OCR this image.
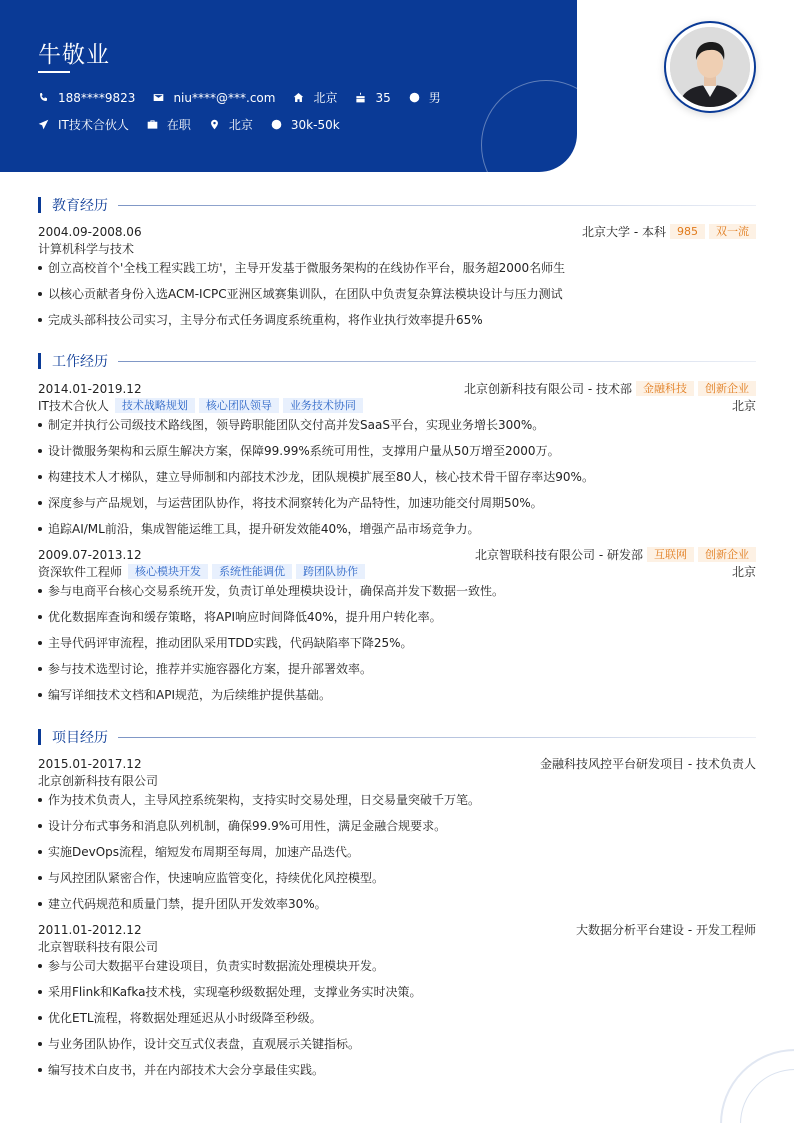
牛敬业
188****9823	niu****@***.com	北京	35	男
IT技术合伙人	在职	北京	30k-50k
教育经历
2004.09-2008.06	北京大学 - 本科	985	双一流
计算机科学与技术
创立高校首个'全栈工程实践工坊'，主导开发基于微服务架构的在线协作平台，服务超2000名师生
以核心贡献者身份入选ACM-ICPC亚洲区域赛集训队，在团队中负责复杂算法模块设计与压力测试
完成头部科技公司实习，主导分布式任务调度系统重构，将作业执行效率提升65%
工作经历
2014.01-2019.12	北京创新科技有限公司 - 技术部	金融科技	创新企业
IT技术合伙人	技术战略规划	核心团队领导	业务技术协同	北京
制定并执行公司级技术路线图，领导跨职能团队交付高并发SaaS平台，实现业务增长300%。
设计微服务架构和云原生解决方案，保障99.99%系统可用性，支撑用户量从50万增至2000万。
构建技术人才梯队，建立导师制和内部技术沙龙，团队规模扩展至80人，核心技术骨干留存率达90%。
深度参与产品规划，与运营团队协作，将技术洞察转化为产品特性，加速功能交付周期50%。
追踪AI/ML前沿，集成智能运维工具，提升研发效能40%，增强产品市场竞争力。
2009.07-2013.12	北京智联科技有限公司 - 研发部	互联网	创新企业
资深软件工程师	核心模块开发	系统性能调优	跨团队协作	北京
参与电商平台核心交易系统开发，负责订单处理模块设计，确保高并发下数据一致性。
优化数据库查询和缓存策略，将API响应时间降低40%，提升用户转化率。
主导代码评审流程，推动团队采用TDD实践，代码缺陷率下降25%。
参与技术选型讨论，推荐并实施容器化方案，提升部署效率。
编写详细技术文档和API规范，为后续维护提供基础。
项目经历
2015.01-2017.12	金融科技风控平台研发项目 - 技术负责人
北京创新科技有限公司
作为技术负责人，主导风控系统架构，支持实时交易处理，日交易量突破千万笔。
设计分布式事务和消息队列机制，确保99.9%可用性，满足金融合规要求。
实施DevOps流程，缩短发布周期至每周，加速产品迭代。
与风控团队紧密合作，快速响应监管变化，持续优化风控模型。
建立代码规范和质量门禁，提升团队开发效率30%。
2011.01-2012.12	大数据分析平台建设 - 开发工程师
北京智联科技有限公司
参与公司大数据平台建设项目，负责实时数据流处理模块开发。
采用Flink和Kafka技术栈，实现毫秒级数据处理，支撑业务实时决策。
优化ETL流程，将数据处理延迟从小时级降至秒级。
与业务团队协作，设计交互式仪表盘，直观展示关键指标。
编写技术白皮书，并在内部技术大会分享最佳实践。
